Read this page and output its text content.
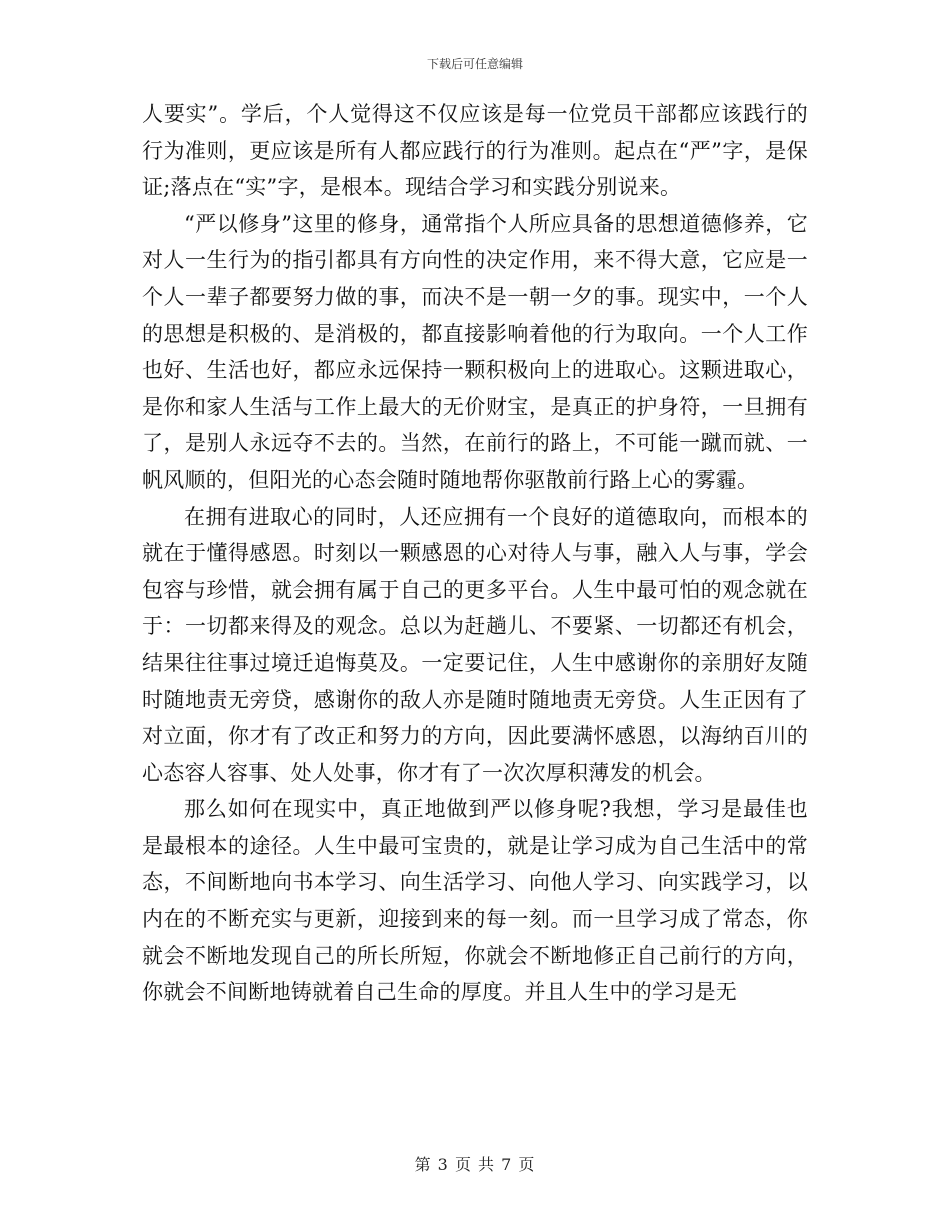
下载后可任意编辑

人要实”。学后，个人觉得这不仅应该是每一位党员干部都应该践行的行为准则，更应该是所有人都应践行的行为准则。起点在“严”字，是保证;落点在“实”字，是根本。现结合学习和实践分别说来。

“严以修身”这里的修身，通常指个人所应具备的思想道德修养，它对人一生行为的指引都具有方向性的决定作用，来不得大意，它应是一个人一辈子都要努力做的事，而决不是一朝一夕的事。现实中，一个人的思想是积极的、是消极的，都直接影响着他的行为取向。一个人工作也好、生活也好，都应永远保持一颗积极向上的进取心。这颗进取心，是你和家人生活与工作上最大的无价财宝，是真正的护身符，一旦拥有了，是别人永远夺不去的。当然，在前行的路上，不可能一蹴而就、一帆风顺的，但阳光的心态会随时随地帮你驱散前行路上心的雾霾。

在拥有进取心的同时，人还应拥有一个良好的道德取向，而根本的就在于懂得感恩。时刻以一颗感恩的心对待人与事，融入人与事，学会包容与珍惜，就会拥有属于自己的更多平台。人生中最可怕的观念就在于：一切都来得及的观念。总以为赶趟儿、不要紧、一切都还有机会，结果往往事过境迁追悔莫及。一定要记住，人生中感谢你的亲朋好友随时随地责无旁贷，感谢你的敌人亦是随时随地责无旁贷。人生正因有了对立面，你才有了改正和努力的方向，因此要满怀感恩，以海纳百川的心态容人容事、处人处事，你才有了一次次厚积薄发的机会。

那么如何在现实中，真正地做到严以修身呢?我想，学习是最佳也是最根本的途径。人生中最可宝贵的，就是让学习成为自己生活中的常态，不间断地向书本学习、向生活学习、向他人学习、向实践学习，以内在的不断充实与更新，迎接到来的每一刻。而一旦学习成了常态，你就会不断地发现自己的所长所短，你就会不断地修正自己前行的方向，你就会不间断地铸就着自己生命的厚度。并且人生中的学习是无

第 3 页 共 7 页
